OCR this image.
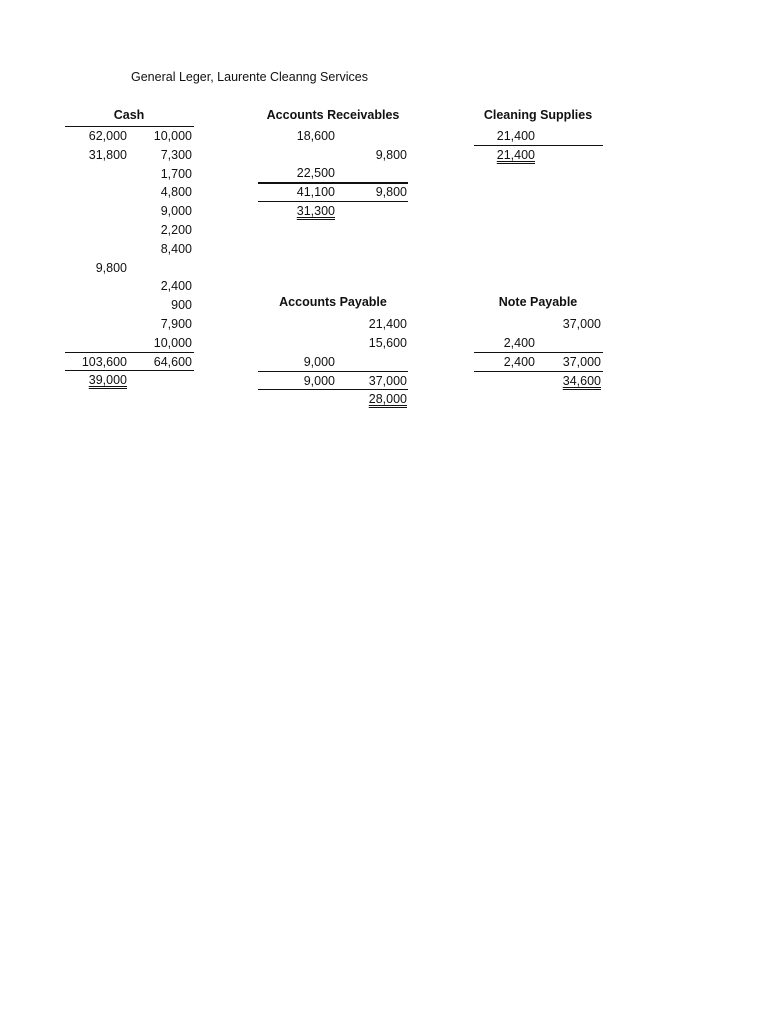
General Leger, Laurente Cleanng Services
Cash
62,000
31,800
9,800
10,000
7,300
1,700
4,800
9,000
2,200
8,400
2,400
900
7,900
10,000
103,600 64,600
39,000
Accounts Receivables
18,600
9,800
22,500
41,100	9,800
31,300
Cleaning Supplies
21,400
21,400
Accounts Payable
21,400
15,600
9,000
9,000	37,000
28,000
Note Payable
37,000
2,400
2,400 37,000
34,600
